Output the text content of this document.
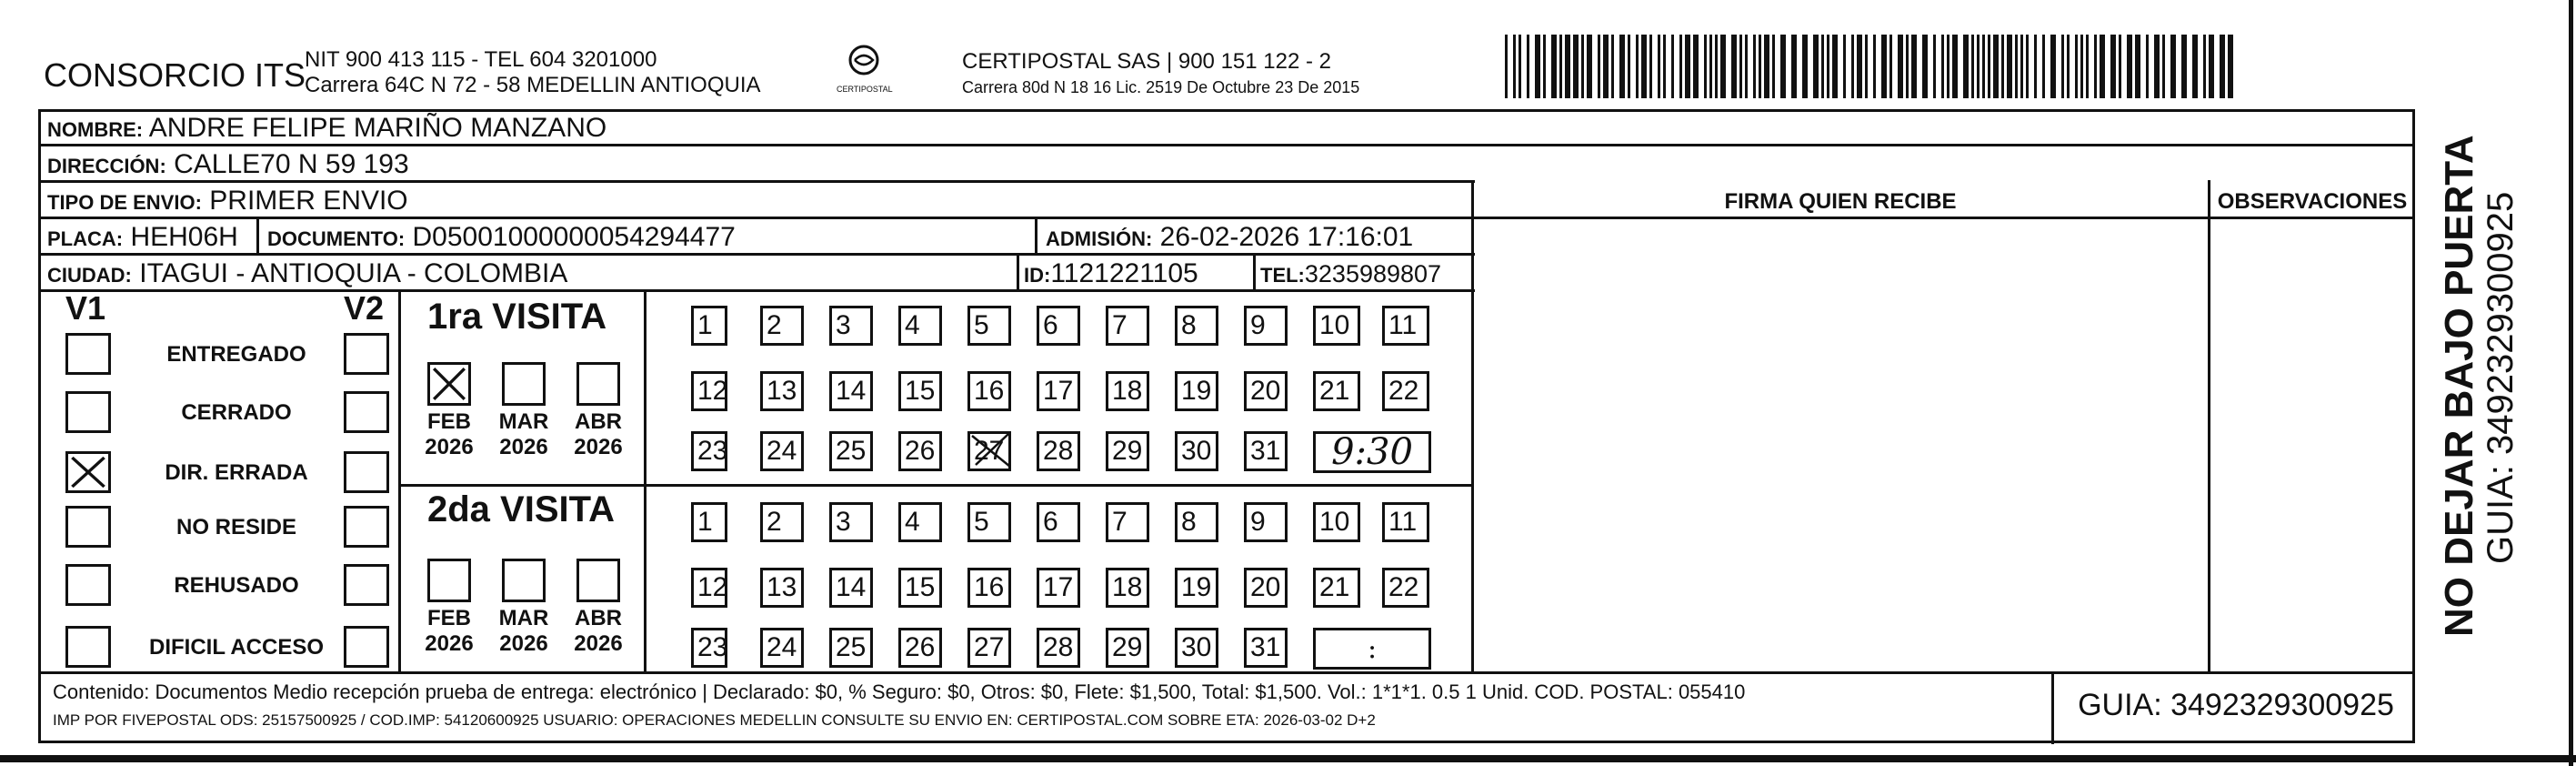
CONSORCIO ITS
NIT 900 413 115 - TEL 604 3201000
Carrera 64C N 72 - 58 MEDELLIN ANTIOQUIA	CERTIPOSTAL
CERTIPOSTAL SAS | 900 151 122 - 2
Carrera 80d N 18 16 Lic. 2519 De Octubre 23 De 2015
NOMBRE: ANDRE FELIPE MARIÑO MANZANO
DIRECCIÓN: CALLE70 N 59 193
TIPO DE ENVIO: PRIMER ENVIO
PLACA: HEH06H DOCUMENTO: D05001000000054294477	ADMISIÓN: 26-02-2026 17:16:01
CIUDAD: ITAGUI - ANTIOQUIA - COLOMBIA	ID:1121221105	TEL:3235989807
FIRMA QUIEN RECIBE	OBSERVACIONES
V1	V2
ENTREGADO
CERRADO
DIR. ERRADA
NO RESIDE
REHUSADO
DIFICIL ACCESO
1ra VISITA
2da VISITA
FEB
2026
MAR
2026
ABR
2026
1	2	3	4	5	6	7	8	9	10	11
12 13 14 15 16 17 18 19 20 21	22
23 24 25 26 27 28 29 30 31	9:30
FEB
2026
MAR
2026
ABR
2026
1	2	3	4	5	6	7	8	9	10	11
12 13 14 15 16 17 18 19 20 21	22
23 24 25 26 27 28 29 30 31	:
Contenido: Documentos Medio recepción prueba de entrega: electrónico | Declarado: $0, % Seguro: $0, Otros: $0, Flete: $1,500, Total: $1,500. Vol.: 1*1*1. 0.5 1 Unid. COD. POSTAL: 055410
IMP POR FIVEPOSTAL ODS: 25157500925 / COD.IMP: 54120600925 USUARIO: OPERACIONES MEDELLIN CONSULTE SU ENVIO EN: CERTIPOSTAL.COM SOBRE ETA: 2026-03-02 D+2	GUIA: 3492329300925
NO DEJAR BAJO PUERTA GUIA: 3492329300925
